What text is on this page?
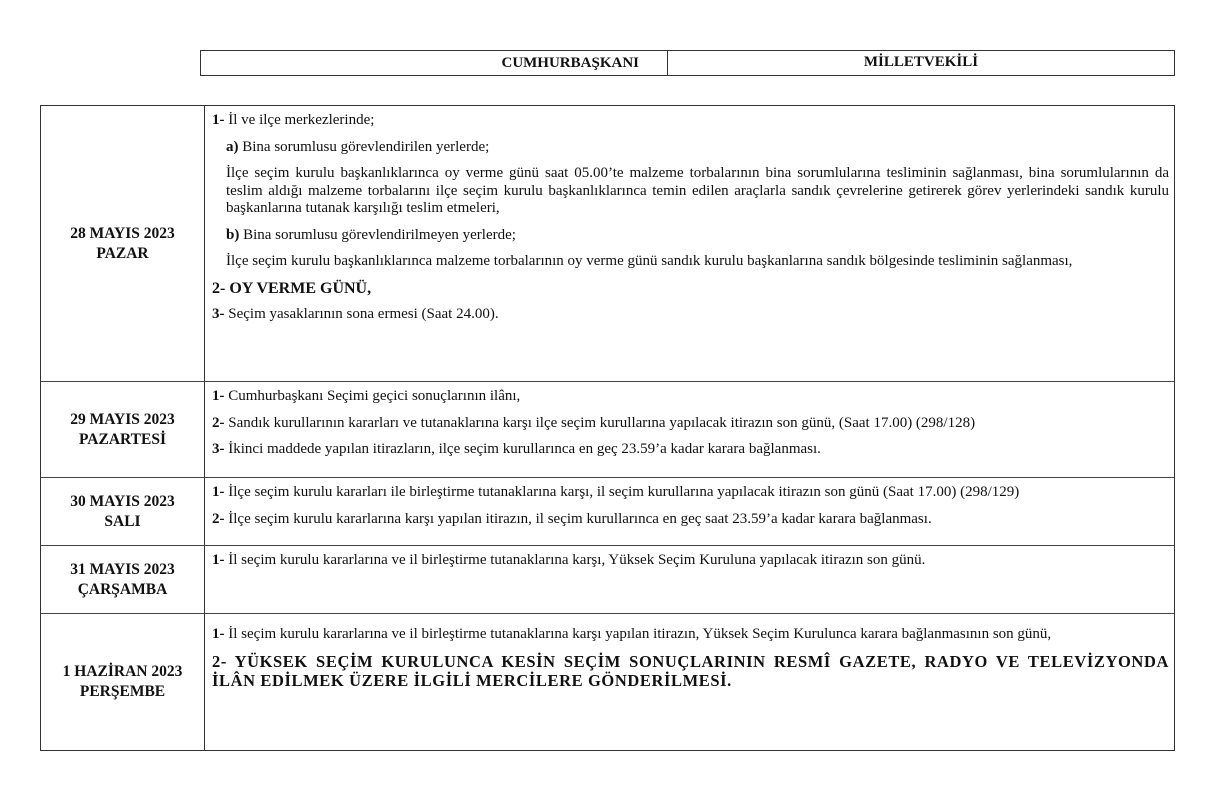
CUMHURBAŞKANI	MİLLETVEKİLİ
28 MAYIS 2023
PAZAR

1- İl ve ilçe merkezlerinde;

a) Bina sorumlusu görevlendirilen yerlerde;

İlçe seçim kurulu başkanlıklarınca oy verme günü saat 05.00’te malzeme torbalarının bina sorumlularına tesliminin sağlanması, bina sorumlularının da teslim aldığı malzeme torbalarını ilçe seçim kurulu başkanlıklarınca temin edilen araçlarla sandık çevrelerine getirerek görev yerlerindeki sandık kurulu başkanlarına tutanak karşılığı teslim etmeleri,

b) Bina sorumlusu görevlendirilmeyen yerlerde;

İlçe seçim kurulu başkanlıklarınca malzeme torbalarının oy verme günü sandık kurulu başkanlarına sandık bölgesinde tesliminin sağlanması,

2- OY VERME GÜNÜ,

3- Seçim yasaklarının sona ermesi (Saat 24.00).

29 MAYIS 2023
PAZARTESİ

1- Cumhurbaşkanı Seçimi geçici sonuçlarının ilânı,

2- Sandık kurullarının kararları ve tutanaklarına karşı ilçe seçim kurullarına yapılacak itirazın son günü, (Saat 17.00) (298/128)

3- İkinci maddede yapılan itirazların, ilçe seçim kurullarınca en geç 23.59’a kadar karara bağlanması.

30 MAYIS 2023
SALI

1- İlçe seçim kurulu kararları ile birleştirme tutanaklarına karşı, il seçim kurullarına yapılacak itirazın son günü (Saat 17.00) (298/129)

2- İlçe seçim kurulu kararlarına karşı yapılan itirazın, il seçim kurullarınca en geç saat 23.59’a kadar karara bağlanması.

31 MAYIS 2023
ÇARŞAMBA

1- İl seçim kurulu kararlarına ve il birleştirme tutanaklarına karşı, Yüksek Seçim Kuruluna yapılacak itirazın son günü.

1 HAZİRAN 2023
PERŞEMBE

1- İl seçim kurulu kararlarına ve il birleştirme tutanaklarına karşı yapılan itirazın, Yüksek Seçim Kurulunca karara bağlanmasının son günü,

2- YÜKSEK SEÇİM KURULUNCA KESİN SEÇİM SONUÇLARININ RESMÎ GAZETE, RADYO VE TELEVİZYONDA İLÂN EDİLMEK ÜZERE İLGİLİ MERCİLERE GÖNDERİLMESİ.
